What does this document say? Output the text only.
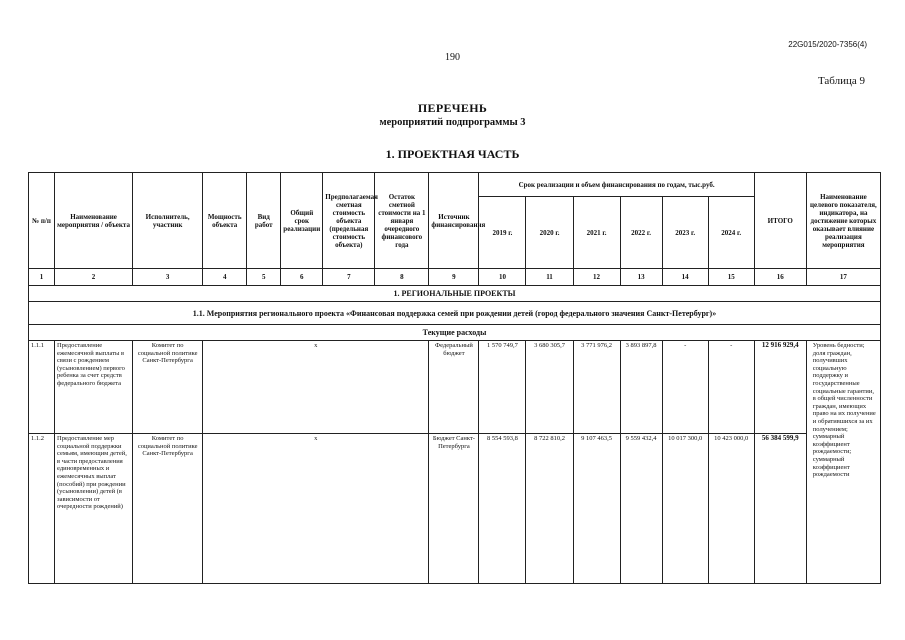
22G015/2020-7356(4)
190
Таблица 9
ПЕРЕЧЕНЬ
мероприятий подпрограммы 3
1. ПРОЕКТНАЯ ЧАСТЬ
№ п/п	Наименование мероприятия / объекта	Исполнитель, участник	Мощность объекта	Вид работ	Общий срок реализации	Предполагаемая сметная стоимость объекта (предельная стоимость объекта)	Остаток сметной стоимости на 1 января очередного финансового года	Источник финансирования	Срок реализации и объем финансирования по годам, тыс.руб.						ИТОГО	Наименование целевого показателя, индикатора, на достижение которых оказывает влияние реализация мероприятия
									2019 г.	2020 г.	2021 г.	2022 г.	2023 г.	2024 г.		
1	2	3	4	5	6	7	8	9	10	11	12	13	14	15	16	17
1. РЕГИОНАЛЬНЫЕ ПРОЕКТЫ																
1.1. Мероприятия регионального проекта «Финансовая поддержка семей при рождении детей (город федерального значения Санкт-Петербург)»																
Текущие расходы																
1.1.1	Предоставление ежемесячной выплаты в связи с рождением (усыновлением) первого ребенка за счет средств федерального бюджета	Комитет по социальной политике Санкт-Петербурга	х					Федеральный бюджет	1 570 749,7	3 680 305,7	3 771 976,2	3 893 897,8	-	-	12 916 929,4	Уровень бедности; доля граждан, получивших социальную поддержку и государственные социальные гарантии, в общей численности граждан, имеющих право на их получение и обратившихся за их получением; суммарный коэффициент рождаемости; суммарный коэффициент рождаемости
1.1.2	Предоставление мер социальной поддержки семьям, имеющим детей, в части предоставления единовременных и ежемесячных выплат (пособий) при рождении (усыновлении) детей (в зависимости от очередности рождений)	Комитет по социальной политике Санкт-Петербурга	х					Бюджет Санкт-Петербурга	8 554 593,8	8 722 810,2	9 107 463,5	9 559 432,4	10 017 300,0	10 423 000,0	56 384 599,9	
